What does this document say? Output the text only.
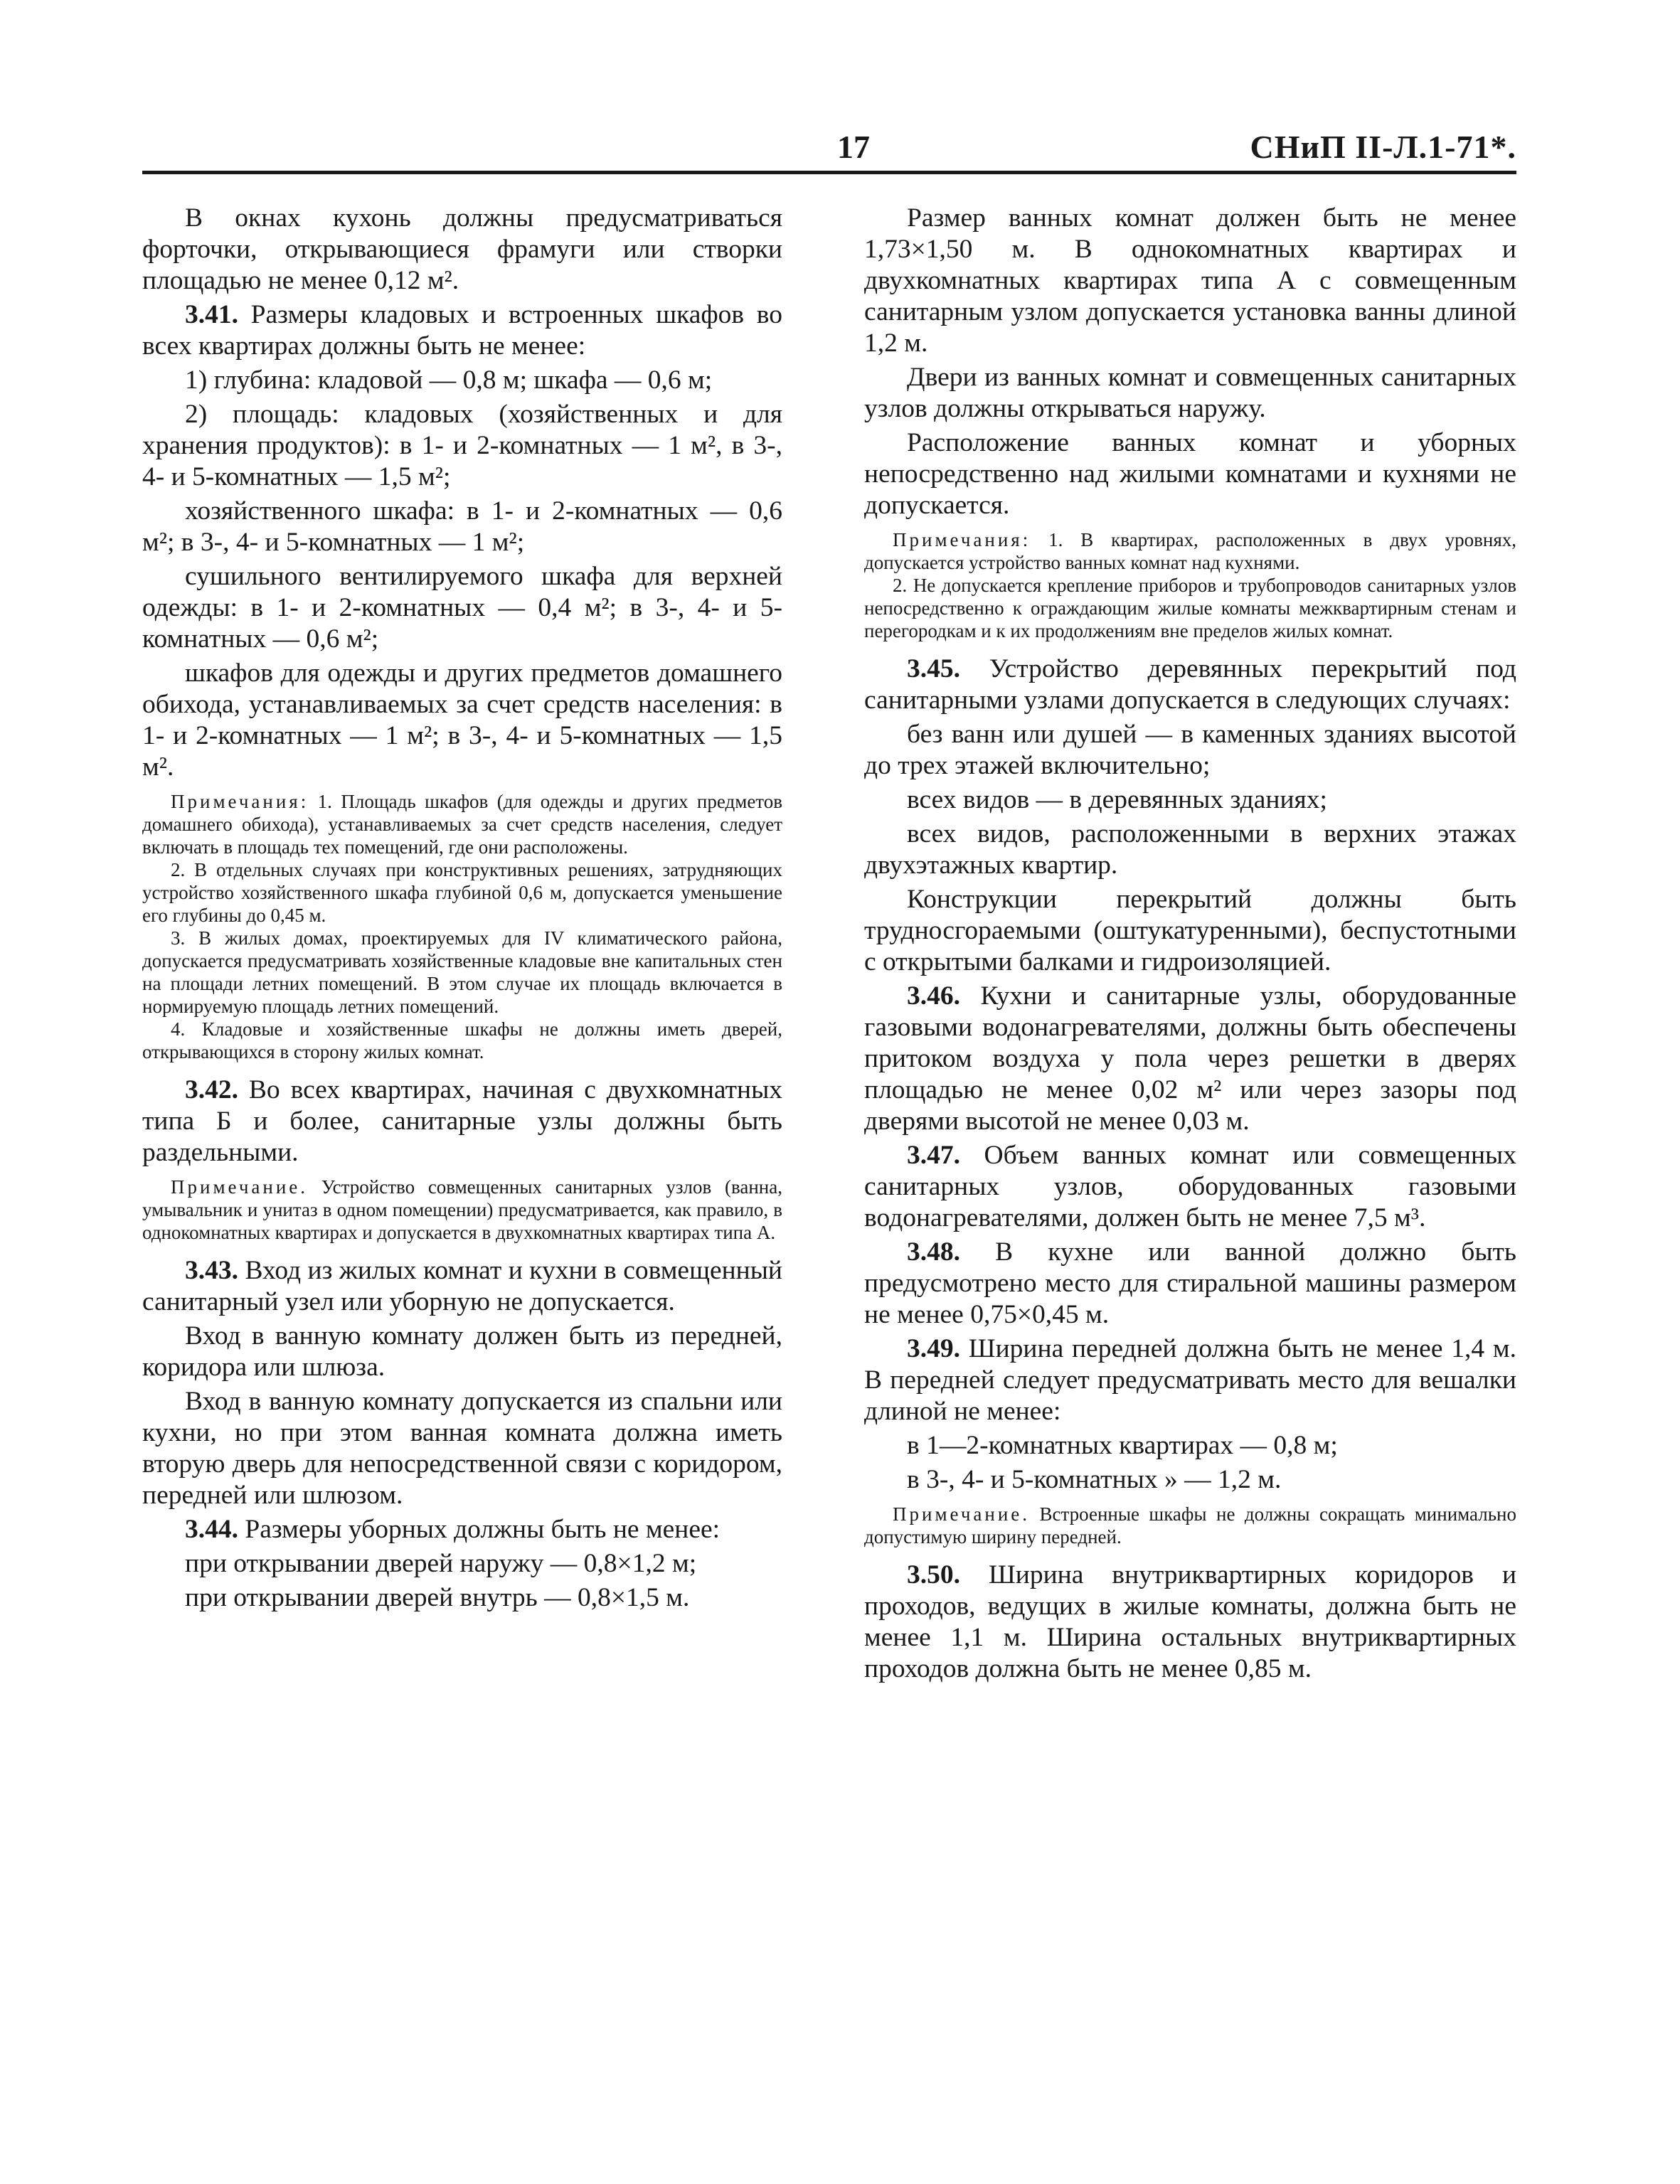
17	СНиП II-Л.1-71*.

В окнах кухонь должны предусматриваться форточки, открывающиеся фрамуги или створки площадью не менее 0,12 м².

3.41. Размеры кладовых и встроенных шкафов во всех квартирах должны быть не менее:

1) глубина: кладовой — 0,8 м; шкафа — 0,6 м;

2) площадь: кладовых (хозяйственных и для хранения продуктов): в 1- и 2-комнатных — 1 м², в 3-, 4- и 5-комнатных — 1,5 м²;

хозяйственного шкафа: в 1- и 2-комнатных — 0,6 м²; в 3-, 4- и 5-комнатных — 1 м²;

сушильного вентилируемого шкафа для верхней одежды: в 1- и 2-комнатных — 0,4 м²; в 3-, 4- и 5-комнатных — 0,6 м²;

шкафов для одежды и других предметов домашнего обихода, устанавливаемых за счет средств населения: в 1- и 2-комнатных — 1 м²; в 3-, 4- и 5-комнатных — 1,5 м².

Примечания: 1. Площадь шкафов (для одежды и других предметов домашнего обихода), устанавливаемых за счет средств населения, следует включать в площадь тех помещений, где они расположены.
2. В отдельных случаях при конструктивных решениях, затрудняющих устройство хозяйственного шкафа глубиной 0,6 м, допускается уменьшение его глубины до 0,45 м.
3. В жилых домах, проектируемых для IV климатического района, допускается предусматривать хозяйственные кладовые вне капитальных стен на площади летних помещений. В этом случае их площадь включается в нормируемую площадь летних помещений.
4. Кладовые и хозяйственные шкафы не должны иметь дверей, открывающихся в сторону жилых комнат.

3.42. Во всех квартирах, начиная с двухкомнатных типа Б и более, санитарные узлы должны быть раздельными.

Примечание. Устройство совмещенных санитарных узлов (ванна, умывальник и унитаз в одном помещении) предусматривается, как правило, в однокомнатных квартирах и допускается в двухкомнатных квартирах типа А.

3.43. Вход из жилых комнат и кухни в совмещенный санитарный узел или уборную не допускается.

Вход в ванную комнату должен быть из передней, коридора или шлюза.

Вход в ванную комнату допускается из спальни или кухни, но при этом ванная комната должна иметь вторую дверь для непосредственной связи с коридором, передней или шлюзом.

3.44. Размеры уборных должны быть не менее:

при открывании дверей наружу — 0,8×1,2 м;

при открывании дверей внутрь — 0,8×1,5 м.

Размер ванных комнат должен быть не менее 1,73×1,50 м. В однокомнатных квартирах и двухкомнатных квартирах типа А с совмещенным санитарным узлом допускается установка ванны длиной 1,2 м.

Двери из ванных комнат и совмещенных санитарных узлов должны открываться наружу.

Расположение ванных комнат и уборных непосредственно над жилыми комнатами и кухнями не допускается.

Примечания: 1. В квартирах, расположенных в двух уровнях, допускается устройство ванных комнат над кухнями.
2. Не допускается крепление приборов и трубопроводов санитарных узлов непосредственно к ограждающим жилые комнаты межквартирным стенам и перегородкам и к их продолжениям вне пределов жилых комнат.

3.45. Устройство деревянных перекрытий под санитарными узлами допускается в следующих случаях:

без ванн или душей — в каменных зданиях высотой до трех этажей включительно;

всех видов — в деревянных зданиях;

всех видов, расположенными в верхних этажах двухэтажных квартир.

Конструкции перекрытий должны быть трудносгораемыми (оштукатуренными), беспустотными с открытыми балками и гидроизоляцией.

3.46. Кухни и санитарные узлы, оборудованные газовыми водонагревателями, должны быть обеспечены притоком воздуха у пола через решетки в дверях площадью не менее 0,02 м² или через зазоры под дверями высотой не менее 0,03 м.

3.47. Объем ванных комнат или совмещенных санитарных узлов, оборудованных газовыми водонагревателями, должен быть не менее 7,5 м³.

3.48. В кухне или ванной должно быть предусмотрено место для стиральной машины размером не менее 0,75×0,45 м.

3.49. Ширина передней должна быть не менее 1,4 м. В передней следует предусматривать место для вешалки длиной не менее:

в 1—2-комнатных квартирах — 0,8 м;

в 3-, 4- и 5-комнатных » — 1,2 м.

Примечание. Встроенные шкафы не должны сокращать минимально допустимую ширину передней.

3.50. Ширина внутриквартирных коридоров и проходов, ведущих в жилые комнаты, должна быть не менее 1,1 м. Ширина остальных внутриквартирных проходов должна быть не менее 0,85 м.
